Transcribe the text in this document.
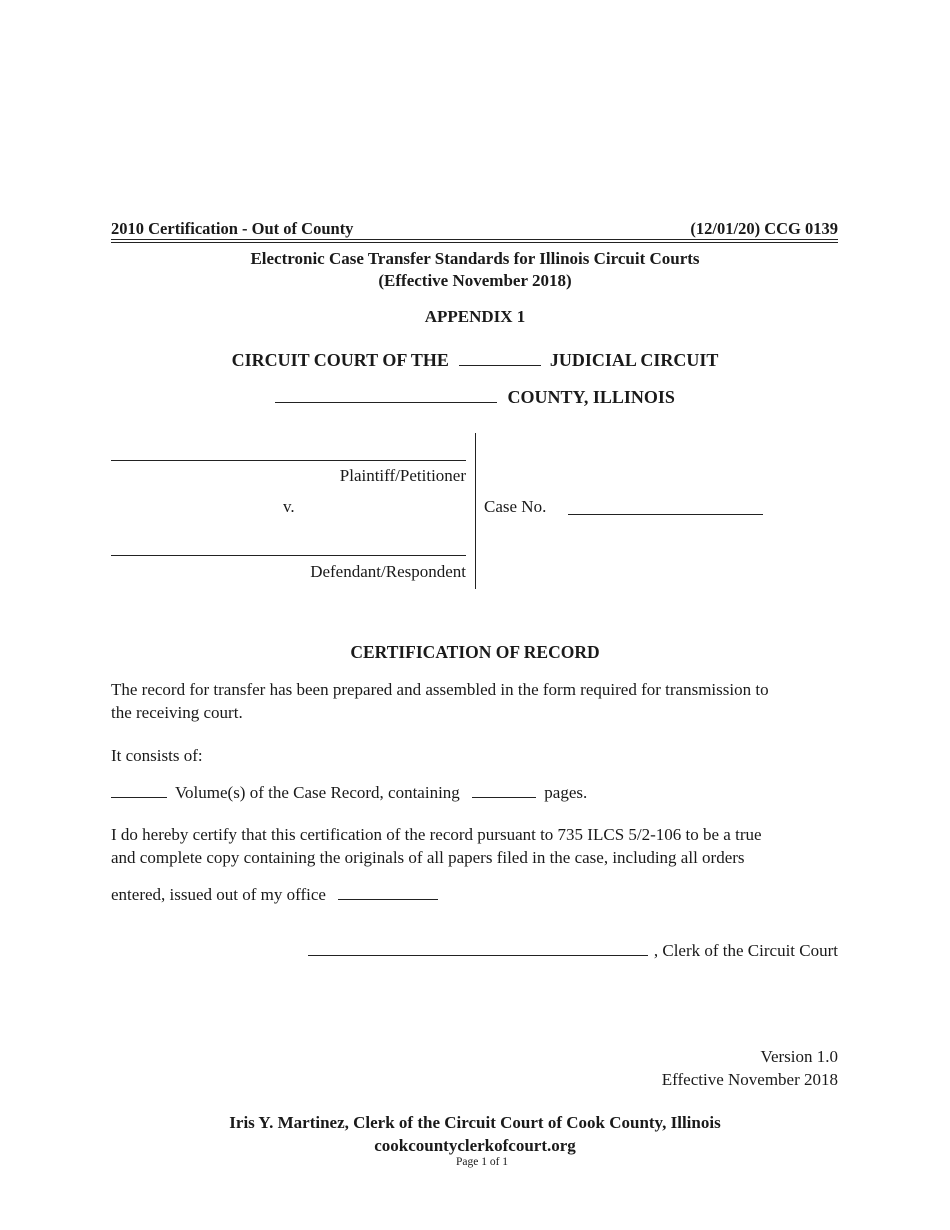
2010 Certification - Out of County	(12/01/20) CCG 0139
Electronic Case Transfer Standards for Illinois Circuit Courts
(Effective November 2018)
APPENDIX 1
CIRCUIT COURT OF THE	JUDICIAL CIRCUIT
COUNTY, ILLINOIS
Plaintiff/Petitioner
v.
Defendant/Respondent
Case No.
CERTIFICATION OF RECORD
The record for transfer has been prepared and assembled in the form required for transmission to
the receiving court.
It consists of:
Volume(s) of the Case Record, containing	pages.
I do hereby certify that this certification of the record pursuant to 735 ILCS 5/2-106 to be a true
and complete copy containing the originals of all papers filed in the case, including all orders
entered, issued out of my office
, Clerk of the Circuit Court
Version 1.0
Effective November 2018
Iris Y. Martinez, Clerk of the Circuit Court of Cook County, Illinois
cookcountyclerkofcourt.org
Page 1 of 1
